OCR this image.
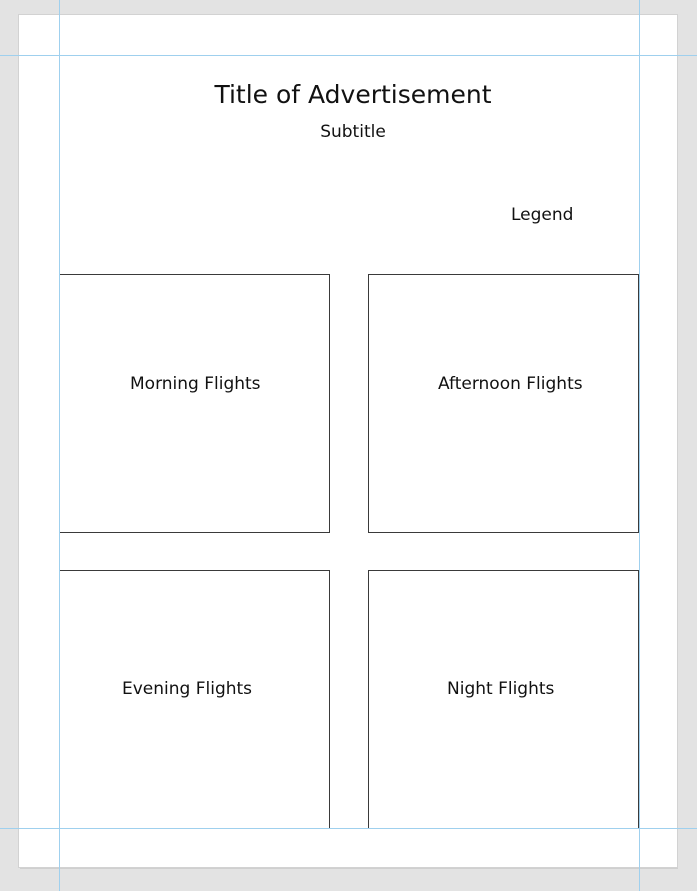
Title of Advertisement
Subtitle
Legend
Morning Flights	Afternoon Flights
Evening Flights	Night Flights
